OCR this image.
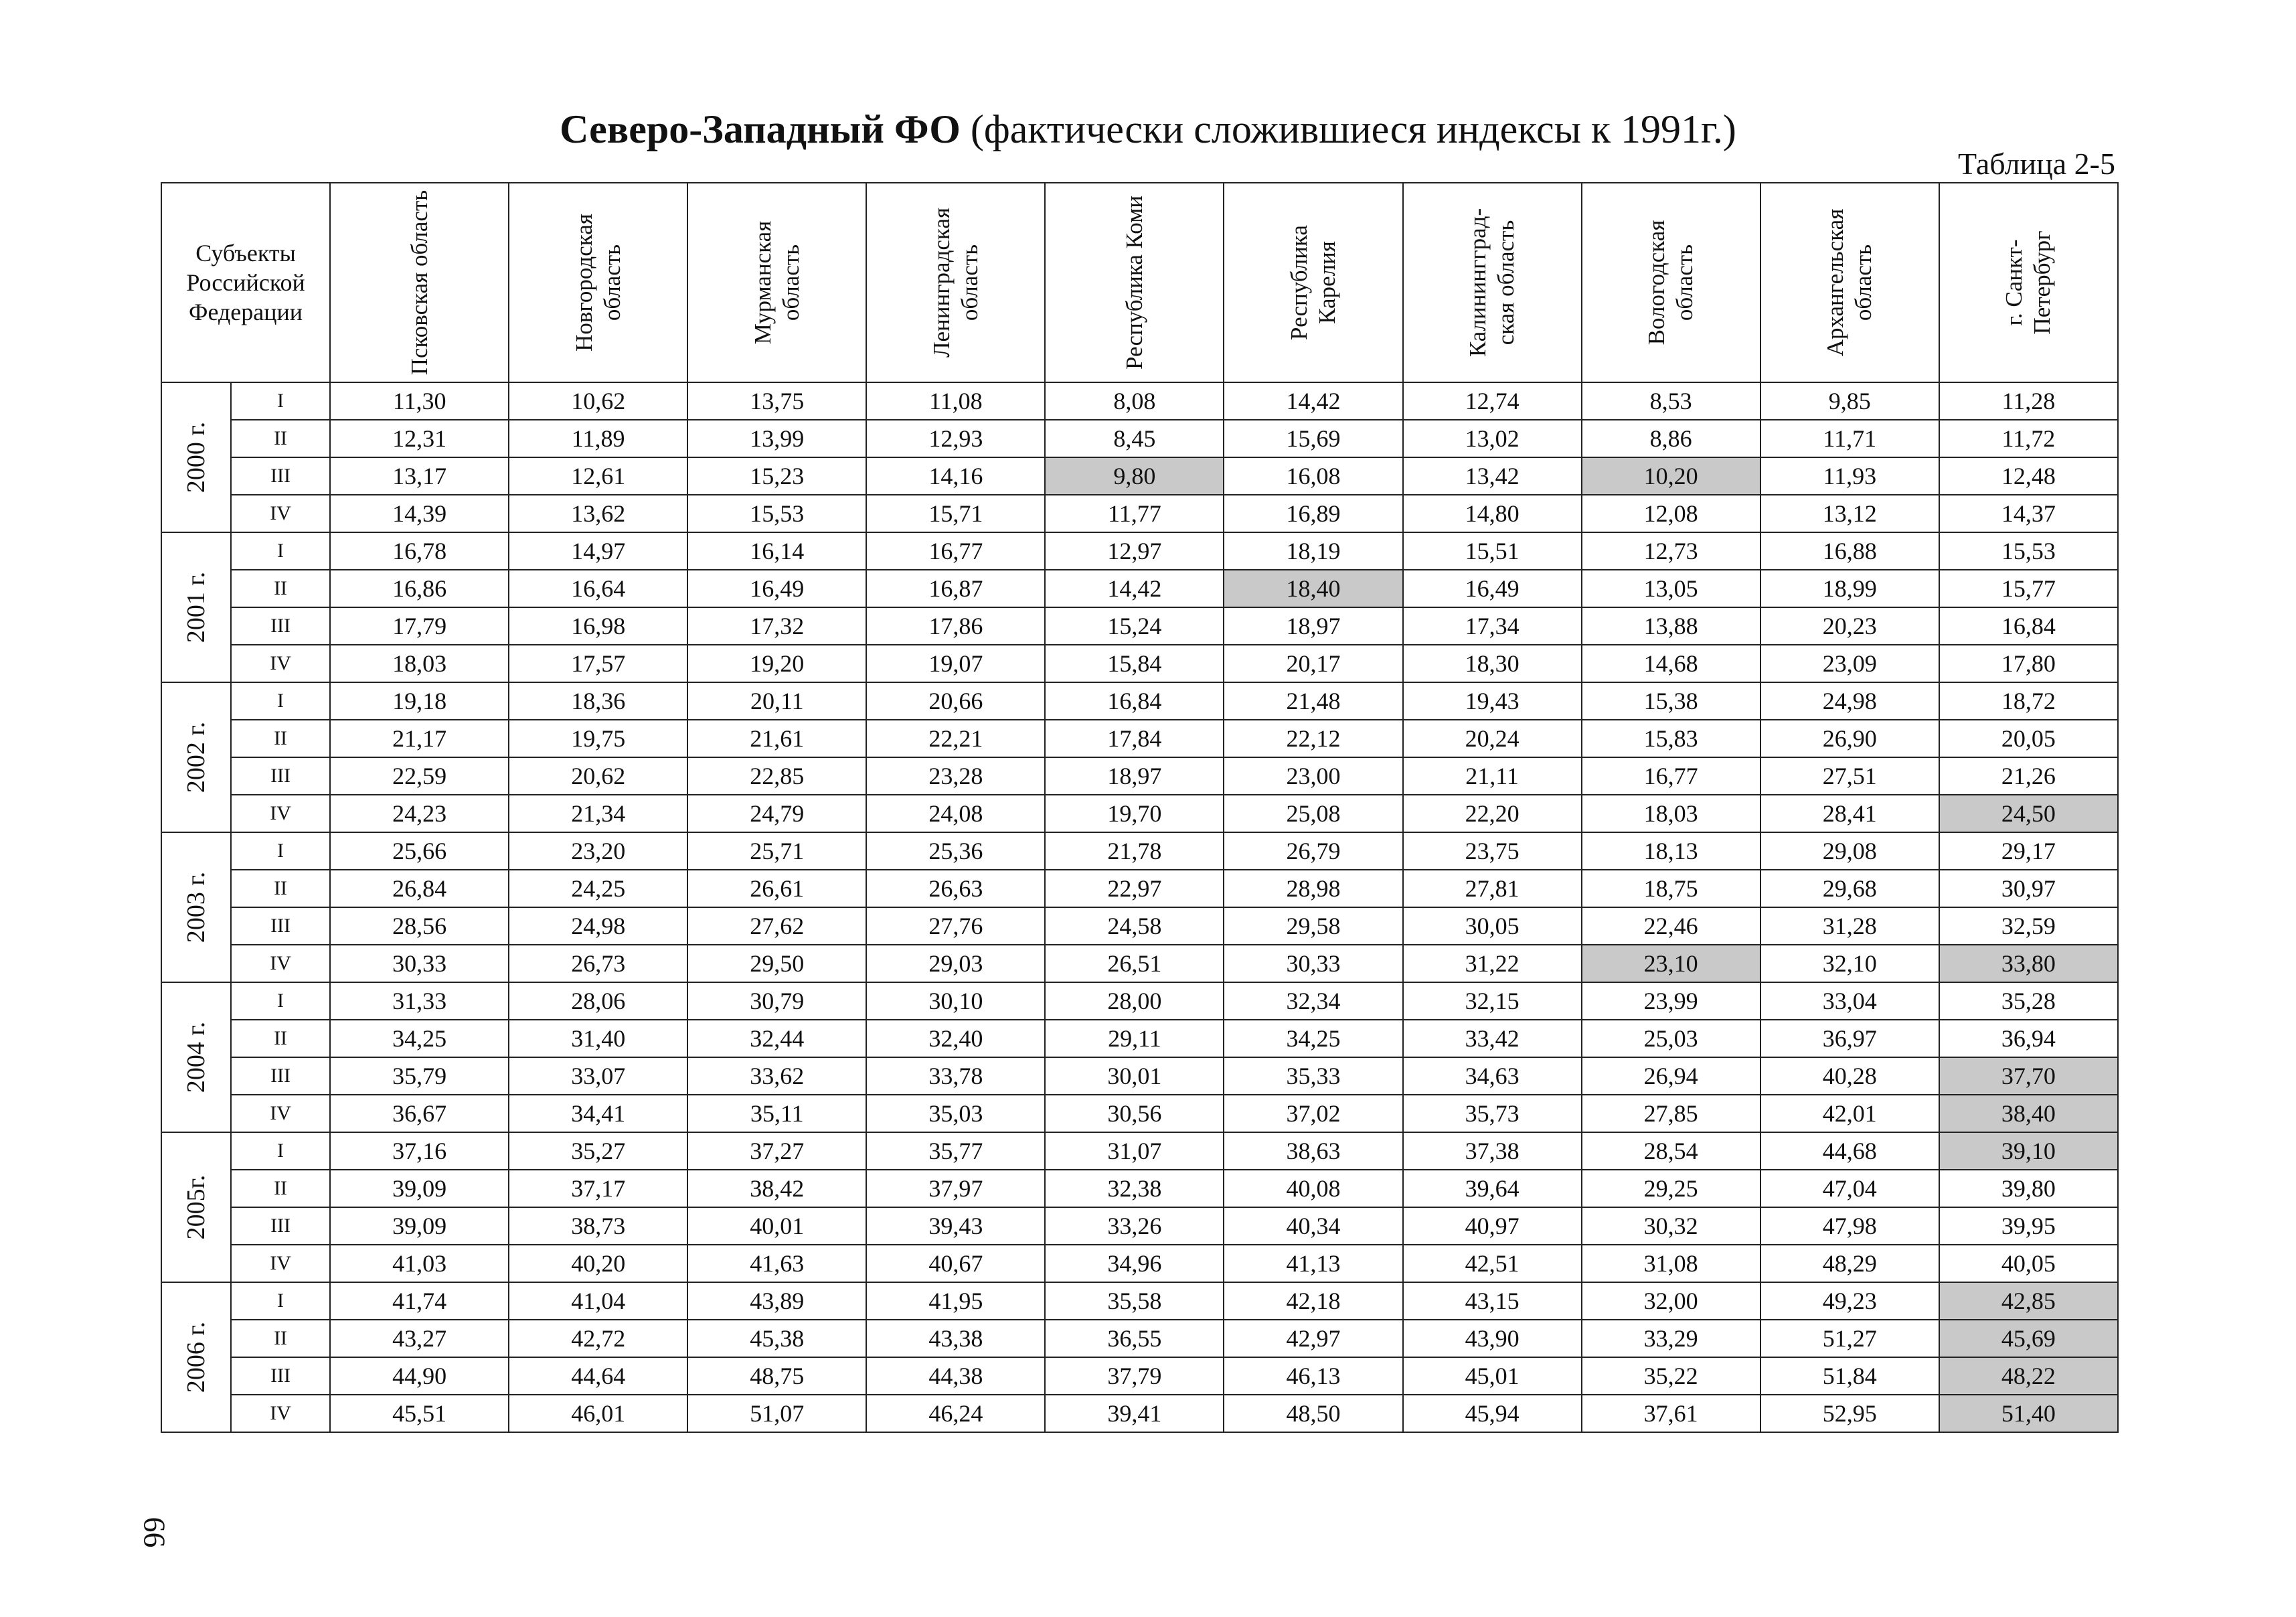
Северо-Западный ФО (фактически сложившиеся индексы к 1991г.)
Таблица 2-5
Субъекты Российской Федерации		Псковская область	Новгородская область	Мурманская область	Ленинградская область	Республика Коми	Республика Карелия	Калинингград-ская область	Вологодская область	Архангельская область	г. Санкт-Петербург

2000 г.	I	11,30	10,62	13,75	11,08	8,08	14,42	12,74	8,53	9,85	11,28
	II	12,31	11,89	13,99	12,93	8,45	15,69	13,02	8,86	11,71	11,72
	III	13,17	12,61	15,23	14,16	9,80	16,08	13,42	10,20	11,93	12,48
	IV	14,39	13,62	15,53	15,71	11,77	16,89	14,80	12,08	13,12	14,37

2001 г.	I	16,78	14,97	16,14	16,77	12,97	18,19	15,51	12,73	16,88	15,53
	II	16,86	16,64	16,49	16,87	14,42	18,40	16,49	13,05	18,99	15,77
	III	17,79	16,98	17,32	17,86	15,24	18,97	17,34	13,88	20,23	16,84
	IV	18,03	17,57	19,20	19,07	15,84	20,17	18,30	14,68	23,09	17,80

2002 г.	I	19,18	18,36	20,11	20,66	16,84	21,48	19,43	15,38	24,98	18,72
	II	21,17	19,75	21,61	22,21	17,84	22,12	20,24	15,83	26,90	20,05
	III	22,59	20,62	22,85	23,28	18,97	23,00	21,11	16,77	27,51	21,26
	IV	24,23	21,34	24,79	24,08	19,70	25,08	22,20	18,03	28,41	24,50

2003 г.	I	25,66	23,20	25,71	25,36	21,78	26,79	23,75	18,13	29,08	29,17
	II	26,84	24,25	26,61	26,63	22,97	28,98	27,81	18,75	29,68	30,97
	III	28,56	24,98	27,62	27,76	24,58	29,58	30,05	22,46	31,28	32,59
	IV	30,33	26,73	29,50	29,03	26,51	30,33	31,22	23,10	32,10	33,80

2004 г.	I	31,33	28,06	30,79	30,10	28,00	32,34	32,15	23,99	33,04	35,28
	II	34,25	31,40	32,44	32,40	29,11	34,25	33,42	25,03	36,97	36,94
	III	35,79	33,07	33,62	33,78	30,01	35,33	34,63	26,94	40,28	37,70
	IV	36,67	34,41	35,11	35,03	30,56	37,02	35,73	27,85	42,01	38,40

2005г.	I	37,16	35,27	37,27	35,77	31,07	38,63	37,38	28,54	44,68	39,10
	II	39,09	37,17	38,42	37,97	32,38	40,08	39,64	29,25	47,04	39,80
	III	39,09	38,73	40,01	39,43	33,26	40,34	40,97	30,32	47,98	39,95
	IV	41,03	40,20	41,63	40,67	34,96	41,13	42,51	31,08	48,29	40,05

2006 г.	I	41,74	41,04	43,89	41,95	35,58	42,18	43,15	32,00	49,23	42,85
	II	43,27	42,72	45,38	43,38	36,55	42,97	43,90	33,29	51,27	45,69
	III	44,90	44,64	48,75	44,38	37,79	46,13	45,01	35,22	51,84	48,22
	IV	45,51	46,01	51,07	46,24	39,41	48,50	45,94	37,61	52,95	51,40
66
